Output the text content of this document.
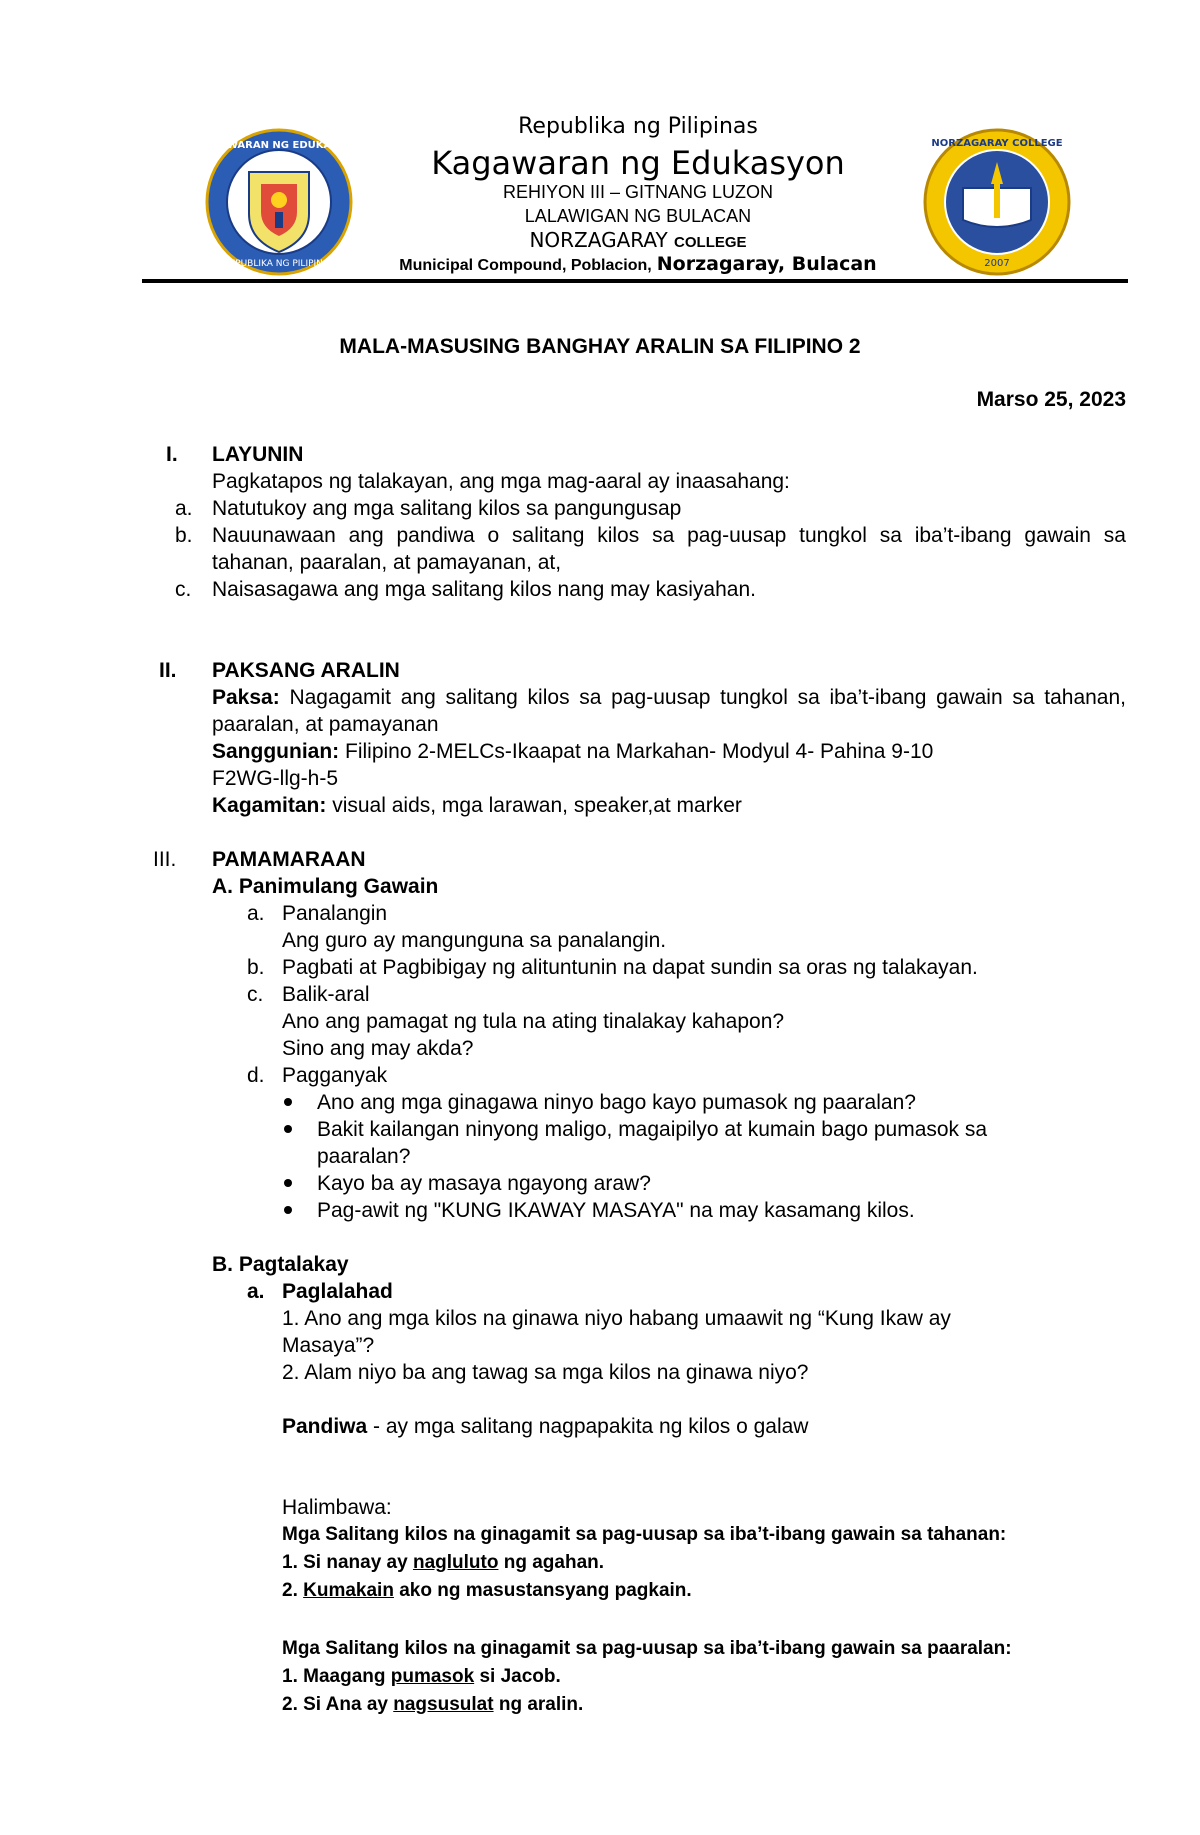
KAGAWARAN NG EDUKASYON
REPUBLIKA NG PILIPINAS
Republika ng Pilipinas
Kagawaran ng Edukasyon
REHIYON III – GITNANG LUZON
LALAWIGAN NG BULACAN
NORZAGARAY COLLEGE
Municipal Compound, Poblacion, Norzagaray, Bulacan
NORZAGARAY COLLEGE
2007
MALA-MASUSING BANGHAY ARALIN SA FILIPINO 2
Marso 25, 2023
I. LAYUNIN
Pagkatapos ng talakayan, ang mga mag-aaral ay inaasahang:
a. Natutukoy ang mga salitang kilos sa pangungusap
b. Nauunawaan ang pandiwa o salitang kilos sa pag-uusap tungkol sa iba’t-ibang gawain sa tahanan, paaralan, at pamayanan, at,
c. Naisasagawa ang mga salitang kilos nang may kasiyahan.
II. PAKSANG ARALIN
Paksa: Nagagamit ang salitang kilos sa pag-uusap tungkol sa iba’t-ibang gawain sa tahanan, paaralan, at pamayanan
Sanggunian: Filipino 2-MELCs-Ikaapat na Markahan- Modyul 4- Pahina 9-10
F2WG-llg-h-5
Kagamitan: visual aids, mga larawan, speaker,at marker
III. PAMAMARAAN
A. Panimulang Gawain
a. Panalangin
Ang guro ay mangunguna sa panalangin.
b. Pagbati at Pagbibigay ng alituntunin na dapat sundin sa oras ng talakayan.
c. Balik-aral
Ano ang pamagat ng tula na ating tinalakay kahapon?
Sino ang may akda?
d. Pagganyak
Ano ang mga ginagawa ninyo bago kayo pumasok ng paaralan?
Bakit kailangan ninyong maligo, magaipilyo at kumain bago pumasok sa
paaralan?
Kayo ba ay masaya ngayong araw?
Pag-awit ng "KUNG IKAWAY MASAYA" na may kasamang kilos.
B. Pagtalakay
a. Paglalahad
1. Ano ang mga kilos na ginawa niyo habang umaawit ng “Kung Ikaw ay
Masaya”?
2. Alam niyo ba ang tawag sa mga kilos na ginawa niyo?
Pandiwa - ay mga salitang nagpapakita ng kilos o galaw
Halimbawa:
Mga Salitang kilos na ginagamit sa pag-uusap sa iba’t-ibang gawain sa tahanan:
1. Si nanay ay nagluluto ng agahan.
2. Kumakain ako ng masustansyang pagkain.
Mga Salitang kilos na ginagamit sa pag-uusap sa iba’t-ibang gawain sa paaralan:
1. Maagang pumasok si Jacob.
2. Si Ana ay nagsusulat ng aralin.
